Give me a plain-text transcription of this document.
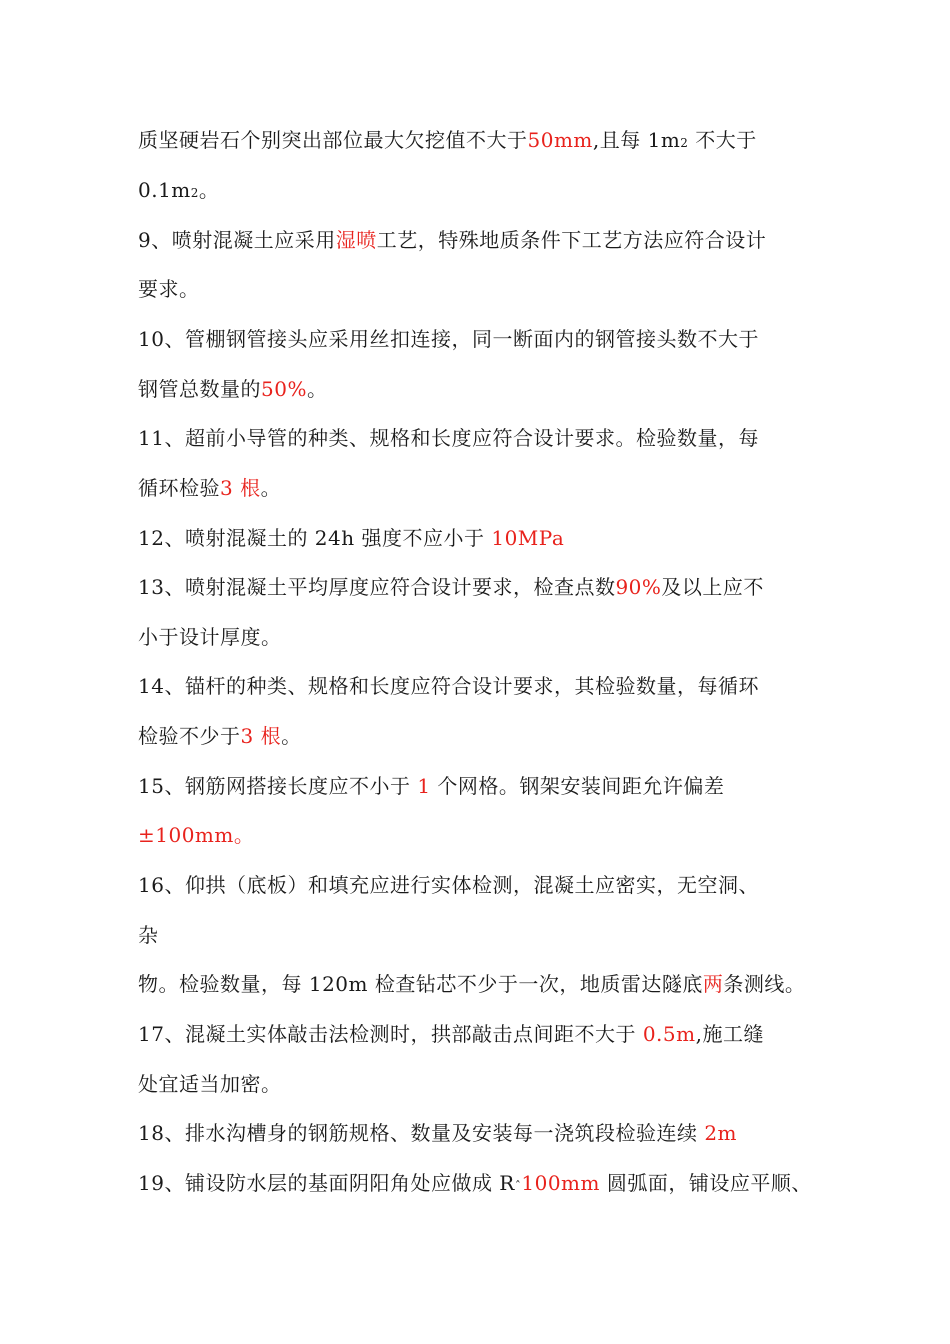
质坚硬岩石个别突出部位最大欠挖值不大于50mm,且每 1m2 不大于
0.1m2。
9、喷射混凝土应采用湿喷工艺，特殊地质条件下工艺方法应符合设计
要求。
10、管棚钢管接头应采用丝扣连接，同一断面内的钢管接头数不大于
钢管总数量的50%。
11、超前小导管的种类、规格和长度应符合设计要求。检验数量，每
循环检验3 根。
12、喷射混凝土的 24h 强度不应小于 10MPa
13、喷射混凝土平均厚度应符合设计要求，检查点数90%及以上应不
小于设计厚度。
14、锚杆的种类、规格和长度应符合设计要求，其检验数量，每循环
检验不少于3 根。
15、钢筋网搭接长度应不小于 1 个网格。钢架安装间距允许偏差
±100mm。
16、仰拱（底板）和填充应进行实体检测，混凝土应密实，无空洞、
杂
物。检验数量，每 120m 检查钻芯不少于一次，地质雷达隧底两条测线。
17、混凝土实体敲击法检测时，拱部敲击点间距不大于 0.5m,施工缝
处宜适当加密。
18、排水沟槽身的钢筋规格、数量及安装每一浇筑段检验连续 2m
19、铺设防水层的基面阴阳角处应做成 Rˆ100mm 圆弧面，铺设应平顺、
